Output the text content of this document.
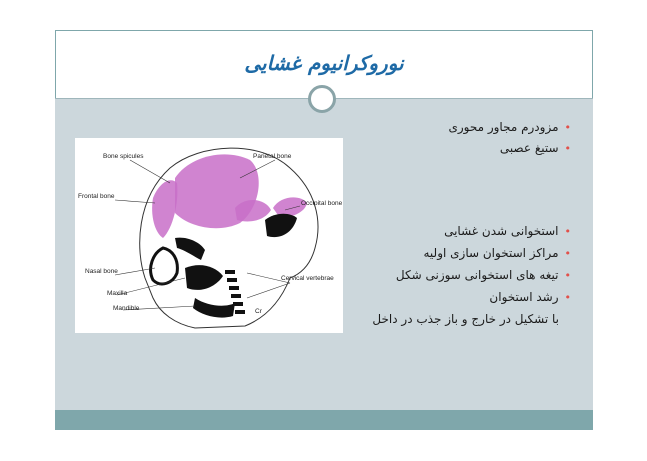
نوروکرانیوم غشایی
Bone spicules	Parietal bone
Frontal bone
Occipital bone
Nasal bone
Maxilla
Mandible
Cervical vertebrae
Cr
•مزودرم مجاور محوری
•ستیغ عصبی
•استخوانی شدن غشایی
•مراکز استخوان سازی اولیه
•تیغه های استخوانی سوزنی شکل
•رشد استخوان
با تشکیل در خارج و باز جذب در داخل
